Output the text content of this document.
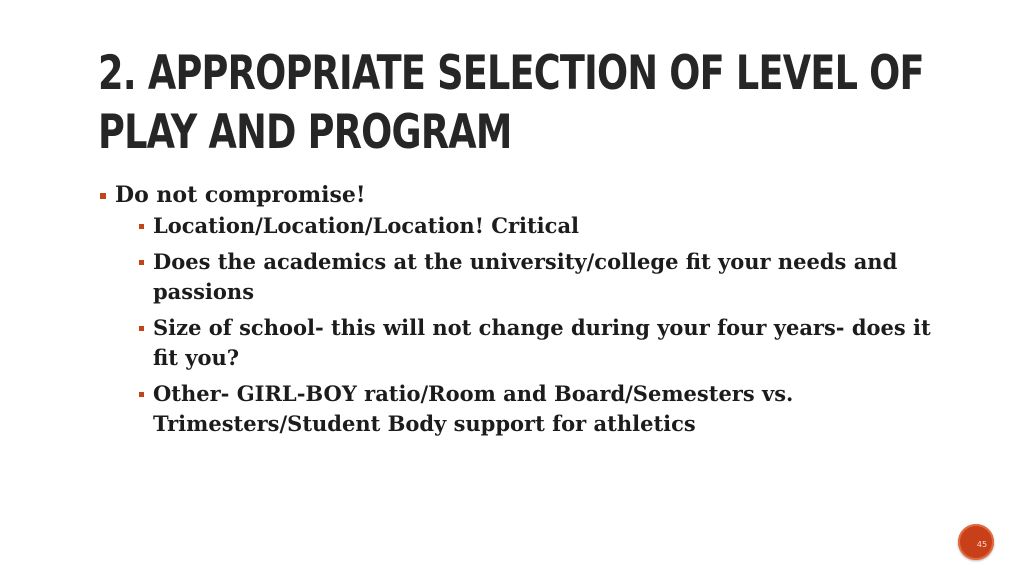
2. APPROPRIATE SELECTION OF LEVEL OF PLAY AND PROGRAM
Do not compromise!
Location/Location/Location! Critical
Does the academics at the university/college fit your needs and passions
Size of school- this will not change during your four years- does it fit you?
Other- GIRL-BOY ratio/Room and Board/Semesters vs. Trimesters/Student Body support for athletics
45
